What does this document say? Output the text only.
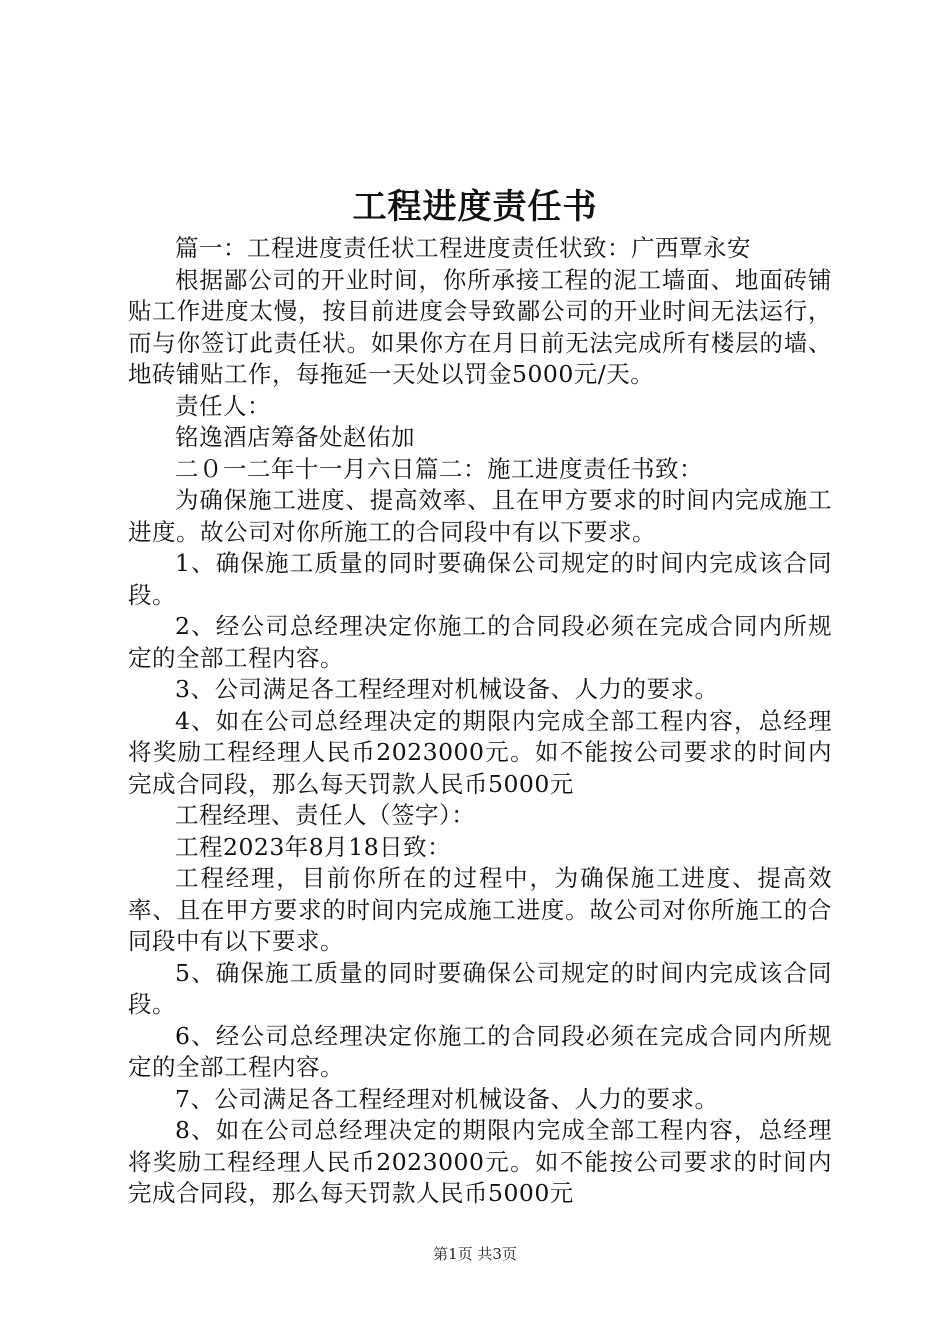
工程进度责任书

篇一：工程进度责任状工程进度责任状致：广西覃永安

根据鄙公司的开业时间，你所承接工程的泥工墙面、地面砖铺贴工作进度太慢，按目前进度会导致鄙公司的开业时间无法运行，而与你签订此责任状。如果你方在月日前无法完成所有楼层的墙、地砖铺贴工作，每拖延一天处以罚金5000元/天。

责任人：

铭逸酒店筹备处赵佑加

二０一二年十一月六日篇二：施工进度责任书致：

为确保施工进度、提高效率、且在甲方要求的时间内完成施工进度。故公司对你所施工的合同段中有以下要求。

1、确保施工质量的同时要确保公司规定的时间内完成该合同段。

2、经公司总经理决定你施工的合同段必须在完成合同内所规定的全部工程内容。

3、公司满足各工程经理对机械设备、人力的要求。

4、如在公司总经理决定的期限内完成全部工程内容，总经理将奖励工程经理人民币2023000元。如不能按公司要求的时间内完成合同段，那么每天罚款人民币5000元

工程经理、责任人（签字）：

工程2023年8月18日致：

工程经理，目前你所在的过程中，为确保施工进度、提高效率、且在甲方要求的时间内完成施工进度。故公司对你所施工的合同段中有以下要求。

5、确保施工质量的同时要确保公司规定的时间内完成该合同段。

6、经公司总经理决定你施工的合同段必须在完成合同内所规定的全部工程内容。

7、公司满足各工程经理对机械设备、人力的要求。

8、如在公司总经理决定的期限内完成全部工程内容，总经理将奖励工程经理人民币2023000元。如不能按公司要求的时间内完成合同段，那么每天罚款人民币5000元

第1页 共3页
